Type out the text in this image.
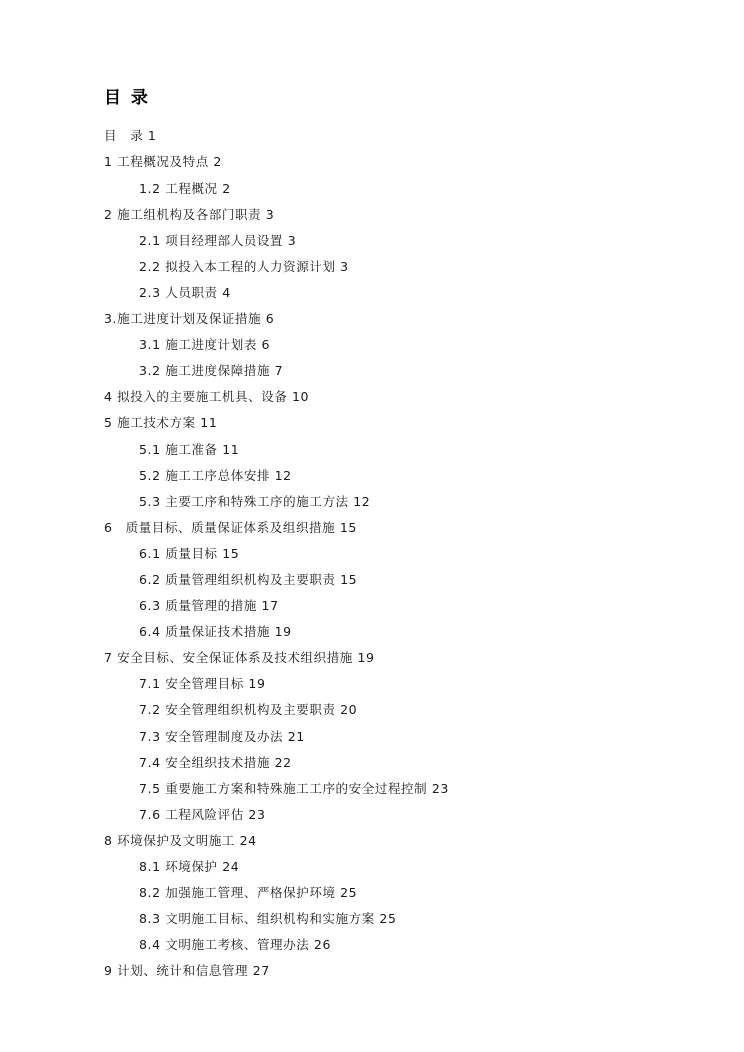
目 录
目　录 1
1 工程概况及特点 2
1.2 工程概况 2
2 施工组机构及各部门职责 3
2.1 项目经理部人员设置 3
2.2 拟投入本工程的人力资源计划 3
2.3 人员职责 4
3.施工进度计划及保证措施 6
3.1 施工进度计划表 6
3.2 施工进度保障措施 7
4 拟投入的主要施工机具、设备 10
5 施工技术方案 11
5.1 施工准备 11
5.2 施工工序总体安排 12
5.3 主要工序和特殊工序的施工方法 12
6　质量目标、质量保证体系及组织措施 15
6.1 质量目标 15
6.2 质量管理组织机构及主要职责 15
6.3 质量管理的措施 17
6.4 质量保证技术措施 19
7 安全目标、安全保证体系及技术组织措施 19
7.1 安全管理目标 19
7.2 安全管理组织机构及主要职责 20
7.3 安全管理制度及办法 21
7.4 安全组织技术措施 22
7.5 重要施工方案和特殊施工工序的安全过程控制 23
7.6 工程风险评估 23
8 环境保护及文明施工 24
8.1 环境保护 24
8.2 加强施工管理、严格保护环境 25
8.3 文明施工目标、组织机构和实施方案 25
8.4 文明施工考核、管理办法 26
9 计划、统计和信息管理 27
